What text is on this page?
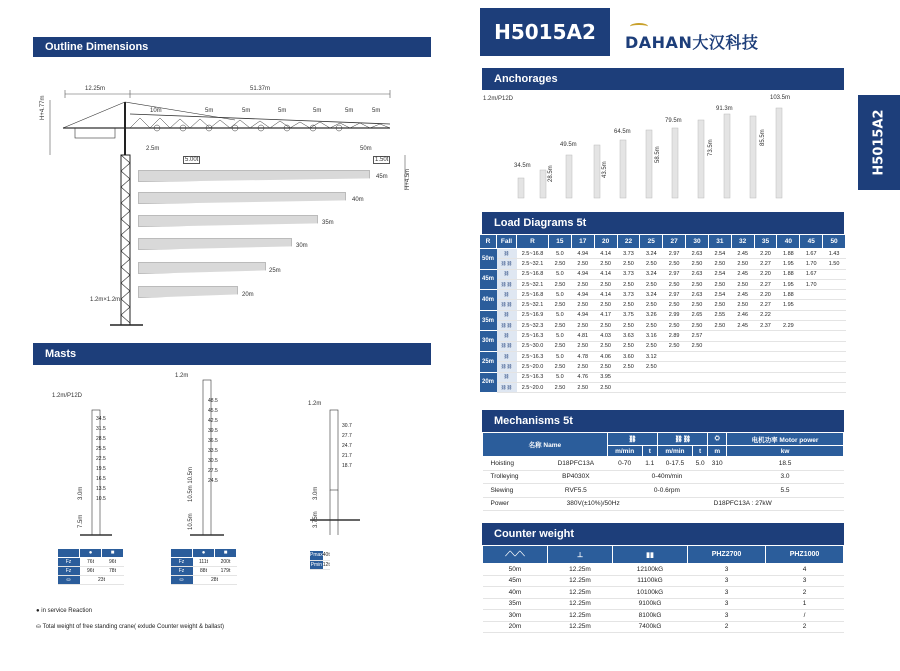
H5015A2	DAHAN大汉科技
H5015A2
Outline Dimensions
12.25m	51.37m
10m	5m	5m	5m	5m	5m	5m
H+4.77m
H+4.5m
2.5m
5.00t
50m
1.50t
1.2m×1.2m
45m
40m
35m
30m
25m
20m
Masts
1.2m/P12D
1.2m
1.2m
34.5
31.5
28.5
25.5
22.5
19.5
16.5
13.5
10.5
48.5
45.5
42.5
39.5
36.5
33.5
30.5
27.5
24.5
30.7
27.7
24.7
21.7
18.7
3.0m
7.5m
10.5m 10.5m
10.5m
3.0m
3.75m
	●	■
Fz	76t	96t
Fz	96t	78t
⛀	23t	
	●	■
Fz	111t	200t
Fz	88t	179t
⛀	28t	
Pmax	40t
Pmin	12t
● in service Reaction
⛀ Total weight of free standing crane( exlude Counter weight & ballast)
Anchorages
1.2m/P12D
34.5m	28.5m
49.5m
43.5m
64.5m
58.5m
79.5m
73.5m
91.3m
85.5m
103.5m
Load Diagrams 5t
R	Fall	R	15	17	20	22	25	27	30	31	32	35	40	45	50
50m	⛓	2.5~16.8	5.0	4.94	4.14	3.73	3.24	2.97	2.63	2.54	2.45	2.20	1.88	1.67	1.43
	⛓⛓	2.5~32.1	2.50	2.50	2.50	2.50	2.50	2.50	2.50	2.50	2.50	2.27	1.95	1.70	1.50
45m	⛓	2.5~16.8	5.0	4.94	4.14	3.73	3.24	2.97	2.63	2.54	2.45	2.20	1.88	1.67	
	⛓⛓	2.5~32.1	2.50	2.50	2.50	2.50	2.50	2.50	2.50	2.50	2.50	2.27	1.95	1.70	
40m	⛓	2.5~16.8	5.0	4.94	4.14	3.73	3.24	2.97	2.63	2.54	2.45	2.20	1.88		
	⛓⛓	2.5~32.1	2.50	2.50	2.50	2.50	2.50	2.50	2.50	2.50	2.50	2.27	1.95		
35m	⛓	2.5~16.9	5.0	4.94	4.17	3.75	3.26	2.99	2.65	2.55	2.46	2.22			
	⛓⛓	2.5~32.3	2.50	2.50	2.50	2.50	2.50	2.50	2.50	2.50	2.45	2.37	2.29		
30m	⛓	2.5~16.3	5.0	4.81	4.03	3.63	3.16	2.89	2.57						
	⛓⛓	2.5~30.0	2.50	2.50	2.50	2.50	2.50	2.50	2.50						
25m	⛓	2.5~16.3	5.0	4.78	4.06	3.60	3.12								
	⛓⛓	2.5~20.0	2.50	2.50	2.50	2.50	2.50								
20m	⛓	2.5~16.3	5.0	4.76	3.95										
	⛓⛓	2.5~20.0	2.50	2.50	2.50										
Mechanisms 5t
名称 Name		⛓		⛓⛓		⛭	电机功率 Motor power
		m/min	t	m/min	t	m	kw
Hoisting	D18PFC13A	0-70	1.1	0-17.5	5.0	310	18.5
Trolleying	BP4030X	0-40m/min					3.0
Slewing	RVF5.5	0-0.6rpm					5.5
Power	380V(±10%)/50Hz		D18PFC13A : 27kW				
Counter weight
⟋⟍⟋⟍	⊥	▮▮	PHZ2700	PHZ1000
50m	12.25m	12100kG	3	4
45m	12.25m	11100kG	3	3
40m	12.25m	10100kG	3	2
35m	12.25m	9100kG	3	1
30m	12.25m	8100kG	3	/
20m	12.25m	7400kG	2	2
